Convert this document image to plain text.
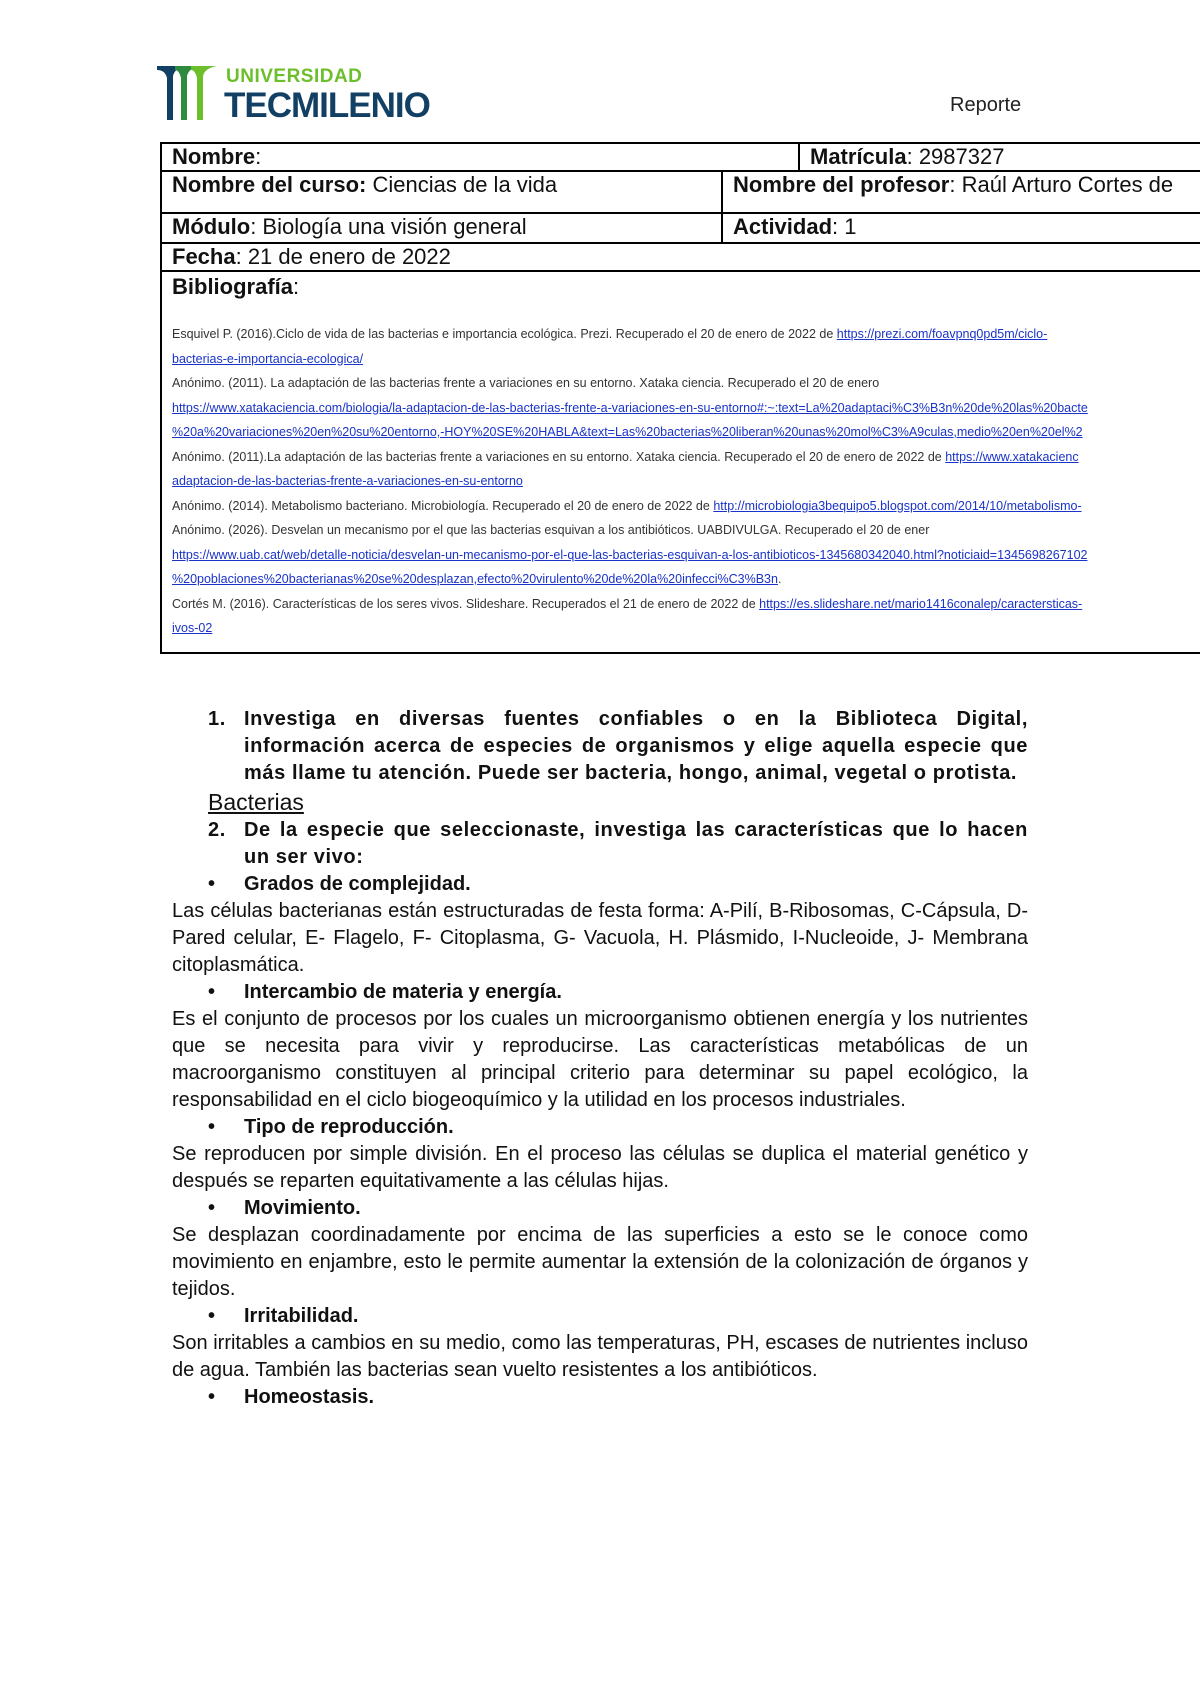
UNIVERSIDAD
TECMILENIO	Reporte
Nombre:	Matrícula: 2987327
Nombre del curso: Ciencias de la vida	Nombre del profesor: Raúl Arturo Cortes de
Módulo: Biología una visión general	Actividad: 1
Fecha: 21 de enero de 2022
Bibliografía:
Esquivel P. (2016).Ciclo de vida de las bacterias e importancia ecológica. Prezi. Recuperado el 20 de enero de 2022 de https://prezi.com/foavpnq0pd5m/ciclo-
bacterias-e-importancia-ecologica/
Anónimo. (2011). La adaptación de las bacterias frente a variaciones en su entorno. Xataka ciencia. Recuperado el 20 de enero
https://www.xatakaciencia.com/biologia/la-adaptacion-de-las-bacterias-frente-a-variaciones-en-su-entorno#:~:text=La%20adaptaci%C3%B3n%20de%20las%20bacte
%20a%20variaciones%20en%20su%20entorno,-HOY%20SE%20HABLA&text=Las%20bacterias%20liberan%20unas%20mol%C3%A9culas,medio%20en%20el%2
Anónimo. (2011).La adaptación de las bacterias frente a variaciones en su entorno. Xataka ciencia. Recuperado el 20 de enero de 2022 de https://www.xatakacienc
adaptacion-de-las-bacterias-frente-a-variaciones-en-su-entorno
Anónimo. (2014). Metabolismo bacteriano. Microbiología. Recuperado el 20 de enero de 2022 de http://microbiologia3bequipo5.blogspot.com/2014/10/metabolismo-
Anónimo. (2026). Desvelan un mecanismo por el que las bacterias esquivan a los antibióticos. UABDIVULGA. Recuperado el 20 de ener
https://www.uab.cat/web/detalle-noticia/desvelan-un-mecanismo-por-el-que-las-bacterias-esquivan-a-los-antibioticos-1345680342040.html?noticiaid=1345698267102
%20poblaciones%20bacterianas%20se%20desplazan,efecto%20virulento%20de%20la%20infecci%C3%B3n.
Cortés M. (2016). Características de los seres vivos. Slideshare. Recuperados el 21 de enero de 2022 de https://es.slideshare.net/mario1416conalep/caractersticas-
ivos-02
1. Investiga en diversas fuentes confiables o en la Biblioteca Digital, información acerca de especies de organismos y elige aquella especie que más llame tu atención. Puede ser bacteria, hongo, animal, vegetal o protista.
Bacterias
2. De la especie que seleccionaste, investiga las características que lo hacen un ser vivo:
•	Grados de complejidad.
Las células bacterianas están estructuradas de festa forma: A-Pilí, B-Ribosomas, C-Cápsula, D- Pared celular, E- Flagelo, F- Citoplasma, G- Vacuola, H. Plásmido, I-Nucleoide, J- Membrana citoplasmática.
•	Intercambio de materia y energía.
Es el conjunto de procesos por los cuales un microorganismo obtienen energía y los nutrientes que se necesita para vivir y reproducirse. Las características metabólicas de un macroorganismo constituyen al principal criterio para determinar su papel ecológico, la responsabilidad en el ciclo biogeoquímico y la utilidad en los procesos industriales.
•	Tipo de reproducción.
Se reproducen por simple división. En el proceso las células se duplica el material genético y después se reparten equitativamente a las células hijas.
•	Movimiento.
Se desplazan coordinadamente por encima de las superficies a esto se le conoce como movimiento en enjambre, esto le permite aumentar la extensión de la colonización de órganos y tejidos.
•	Irritabilidad.
Son irritables a cambios en su medio, como las temperaturas, PH, escases de nutrientes incluso de agua. También las bacterias sean vuelto resistentes a los antibióticos.
•	Homeostasis.
